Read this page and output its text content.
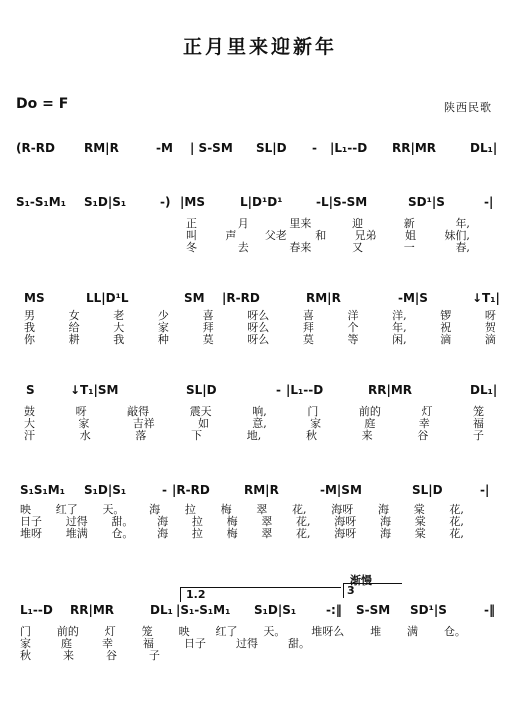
正月里来迎新年
Do = F	陕西民歌
(R-RD RM|R	-M | S-SM SL|D - |L₁--D RR|MR	DL₁|
S₁-S₁M₁ S₁D|S₁	-) |MS	L|D¹D¹	-L|S-SM	SD¹|S	-|
正	月	里来	迎	新	年,
叫	声	父老	和	兄弟	姐	妹们,
冬	去	春来	又	一	春,
MS	LL|D¹L	SM |R-RD	RM|R	-M|S	↓T₁|
男	女	老	少	喜	呀么	喜	洋	洋,	锣	呀
我	给	大	家	拜	呀么	拜	个	年,	祝	贺
你	耕	我	种	莫	呀么	莫	等	闲,	滴	滴
S	↓T₁|SM	SL|D	- |L₁--D	RR|MR	DL₁|
鼓	呀	敲得	震天	响,	门	前的	灯	笼
大	家	吉祥	如	意,	家	庭	幸	福
汗	水	落	下	地,	秋	来	谷	子
S₁S₁M₁ S₁D|S₁	- |R-RD	RM|R	-M|SM	SL|D	-|
映 红了 天。 海 拉 梅 翠 花, 海呀 海 棠 花,
日子 过得 甜。 海 拉 梅 翠 花, 海呀 海 棠 花,
堆呀 堆满 仓。 海 拉 梅 翠 花, 海呀 海 棠 花,
渐慢
1.2	3
L₁--D RR|MR	DL₁ |S₁-S₁M₁ S₁D|S₁ -:‖ S-SM SD¹|S	-‖
门 前的 灯 笼 映 红了 天。 堆呀么 堆 满 仓。
家	庭	幸	福	日子	过得	甜。
秋	来	谷	子
